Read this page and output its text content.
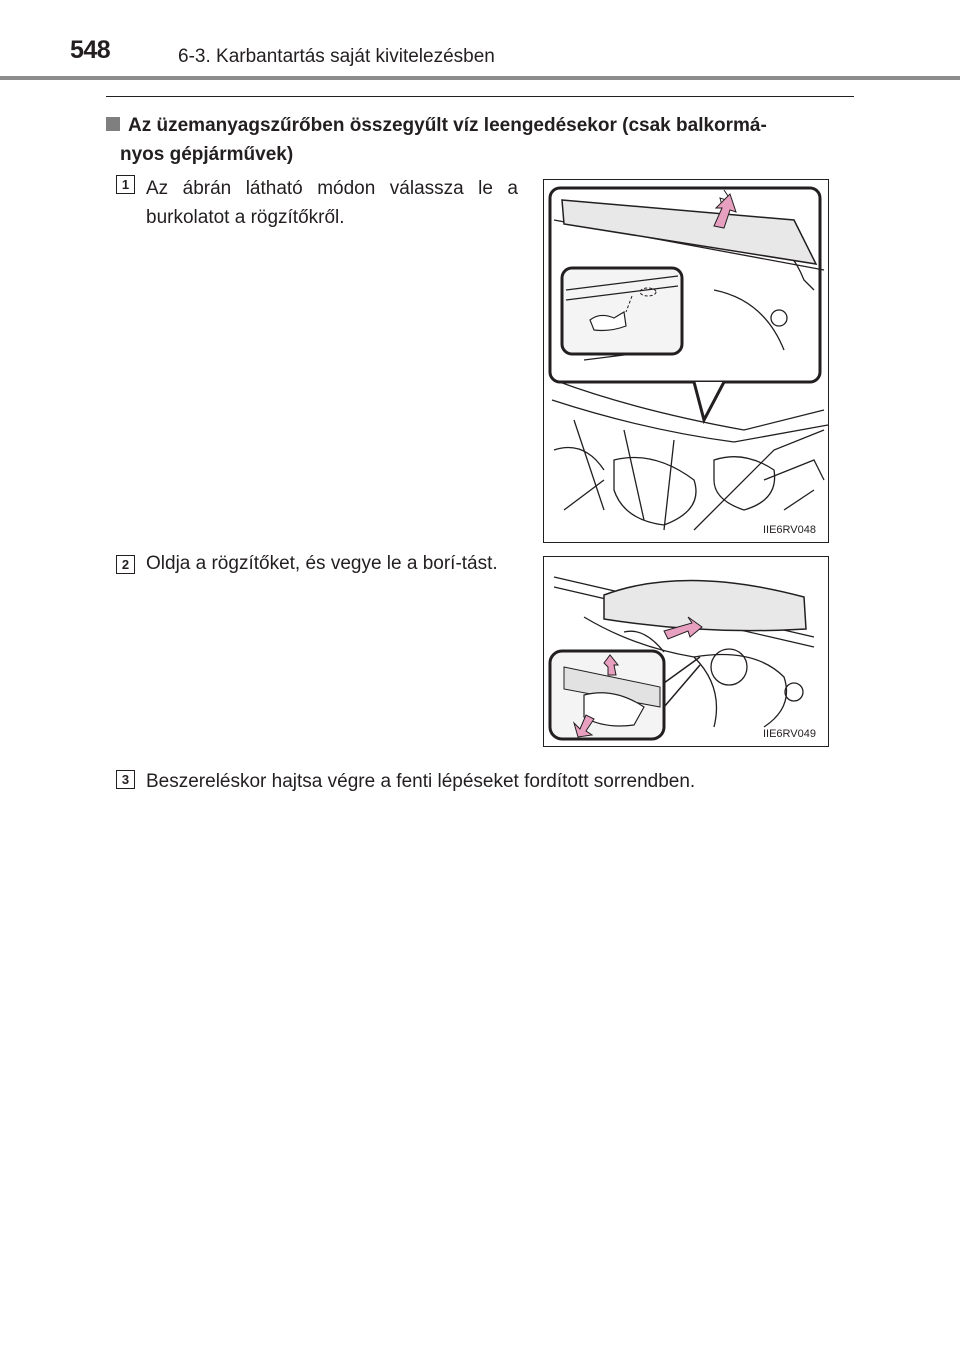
548	6-3. Karbantartás saját kivitelezésben
Az üzemanyagszűrőben összegyűlt víz leengedésekor (csak balkormá-
nyos gépjárművek)
1 Az ábrán látható módon válassza le a burkolatot a rögzítőkről.
IIE6RV048
2 Oldja a rögzítőket, és vegye le a borí-tást.
IIE6RV049
3 Beszereléskor hajtsa végre a fenti lépéseket fordított sorrendben.
